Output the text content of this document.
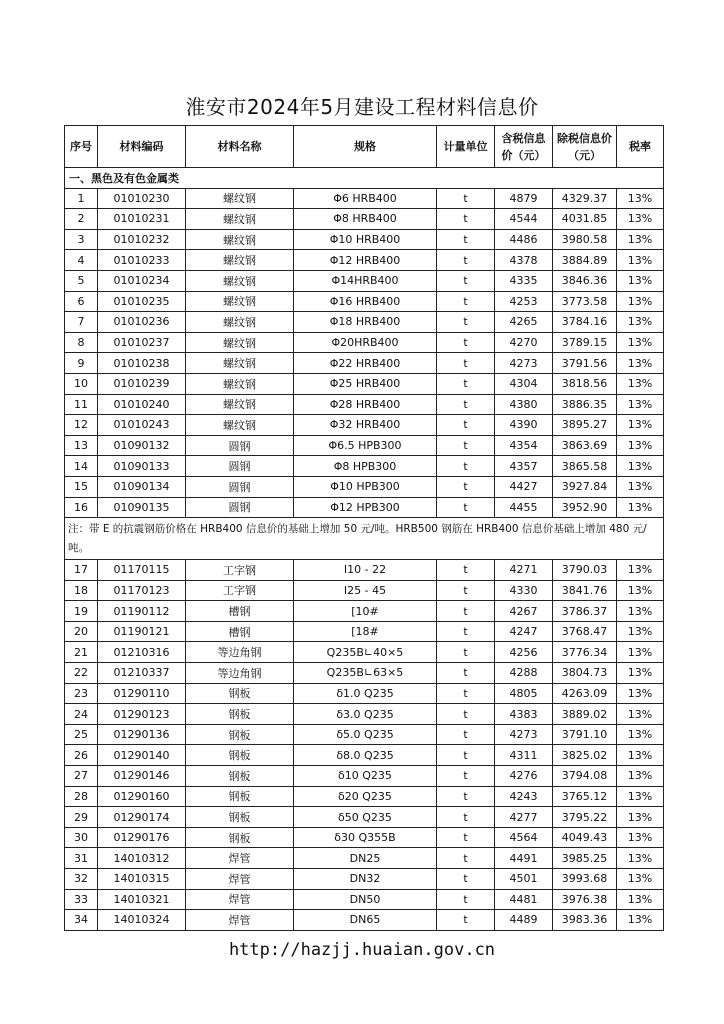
淮安市2024年5月建设工程材料信息价
序号	材料编码	材料名称	规格	计量单位	含税信息价（元）	除税信息价（元）	税率
一、黑色及有色金属类							
1	01010230	螺纹钢	Φ6 HRB400	t	4879	4329.37	13%
2	01010231	螺纹钢	Φ8 HRB400	t	4544	4031.85	13%
3	01010232	螺纹钢	Φ10 HRB400	t	4486	3980.58	13%
4	01010233	螺纹钢	Φ12 HRB400	t	4378	3884.89	13%
5	01010234	螺纹钢	Φ14HRB400	t	4335	3846.36	13%
6	01010235	螺纹钢	Φ16 HRB400	t	4253	3773.58	13%
7	01010236	螺纹钢	Φ18 HRB400	t	4265	3784.16	13%
8	01010237	螺纹钢	Φ20HRB400	t	4270	3789.15	13%
9	01010238	螺纹钢	Φ22 HRB400	t	4273	3791.56	13%
10	01010239	螺纹钢	Φ25 HRB400	t	4304	3818.56	13%
11	01010240	螺纹钢	Φ28 HRB400	t	4380	3886.35	13%
12	01010243	螺纹钢	Φ32 HRB400	t	4390	3895.27	13%
13	01090132	圆钢	Φ6.5 HPB300	t	4354	3863.69	13%
14	01090133	圆钢	Φ8 HPB300	t	4357	3865.58	13%
15	01090134	圆钢	Φ10 HPB300	t	4427	3927.84	13%
16	01090135	圆钢	Φ12 HPB300	t	4455	3952.90	13%
注：带 E 的抗震钢筋价格在 HRB400 信息价的基础上增加 50 元/吨。HRB500 钢筋在 HRB400 信息价基础上增加 480 元/吨。							
17	01170115	工字钢	I10 - 22	t	4271	3790.03	13%
18	01170123	工字钢	I25 - 45	t	4330	3841.76	13%
19	01190112	槽钢	[10#	t	4267	3786.37	13%
20	01190121	槽钢	[18#	t	4247	3768.47	13%
21	01210316	等边角钢	Q235B∟40×5	t	4256	3776.34	13%
22	01210337	等边角钢	Q235B∟63×5	t	4288	3804.73	13%
23	01290110	钢板	δ1.0 Q235	t	4805	4263.09	13%
24	01290123	钢板	δ3.0 Q235	t	4383	3889.02	13%
25	01290136	钢板	δ5.0 Q235	t	4273	3791.10	13%
26	01290140	钢板	δ8.0 Q235	t	4311	3825.02	13%
27	01290146	钢板	δ10 Q235	t	4276	3794.08	13%
28	01290160	钢板	δ20 Q235	t	4243	3765.12	13%
29	01290174	钢板	δ50 Q235	t	4277	3795.22	13%
30	01290176	钢板	δ30 Q355B	t	4564	4049.43	13%
31	14010312	焊管	DN25	t	4491	3985.25	13%
32	14010315	焊管	DN32	t	4501	3993.68	13%
33	14010321	焊管	DN50	t	4481	3976.38	13%
34	14010324	焊管	DN65	t	4489	3983.36	13%
http://hazjj.huaian.gov.cn
